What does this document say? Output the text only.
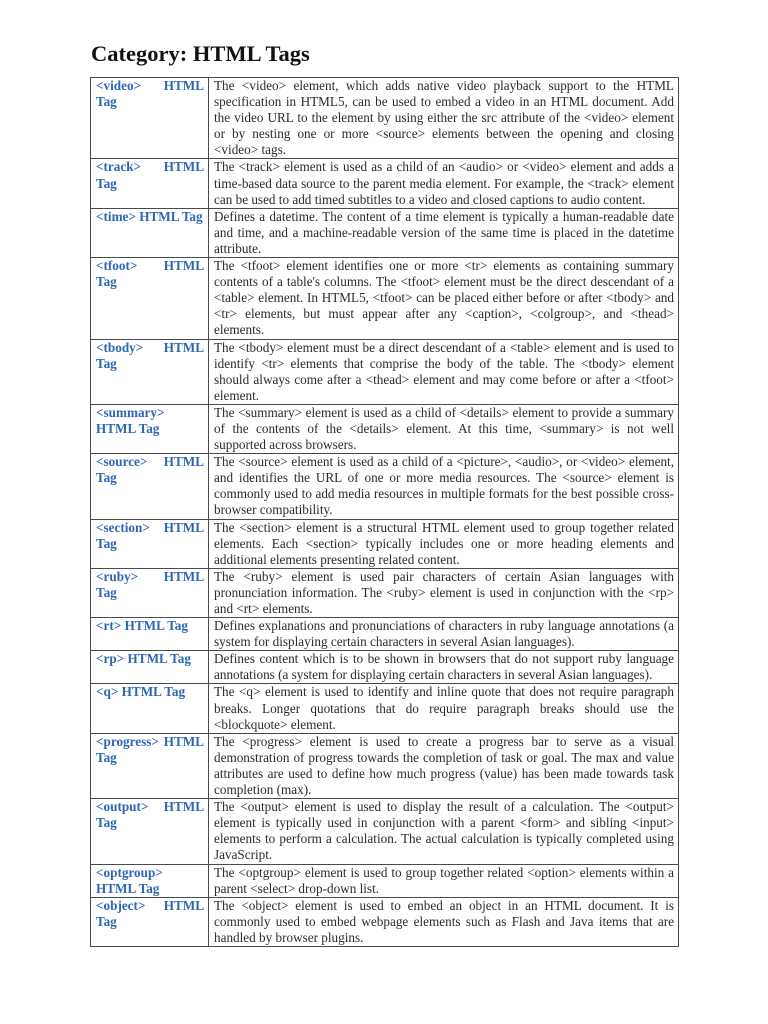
Category: HTML Tags
<video> HTML Tag	The <video> element, which adds native video playback support to the HTML specification in HTML5, can be used to embed a video in an HTML document. Add the video URL to the element by using either the src attribute of the <video> element or by nesting one or more <source> elements between the opening and closing <video> tags.
<track> HTML Tag	The <track> element is used as a child of an <audio> or <video> element and adds a time-based data source to the parent media element. For example, the <track> element can be used to add timed subtitles to a video and closed captions to audio content.
<time> HTML Tag	Defines a datetime. The content of a time element is typically a human-readable date and time, and a machine-readable version of the same time is placed in the datetime attribute.
<tfoot> HTML Tag	The <tfoot> element identifies one or more <tr> elements as containing summary contents of a table's columns. The <tfoot> element must be the direct descendant of a <table> element. In HTML5, <tfoot> can be placed either before or after <tbody> and <tr> elements, but must appear after any <caption>, <colgroup>, and <thead> elements.
<tbody> HTML Tag	The <tbody> element must be a direct descendant of a <table> element and is used to identify <tr> elements that comprise the body of the table. The <tbody> element should always come after a <thead> element and may come before or after a <tfoot> element.
<summary> HTML Tag	The <summary> element is used as a child of <details> element to provide a summary of the contents of the <details> element. At this time, <summary> is not well supported across browsers.
<source> HTML Tag	The <source> element is used as a child of a <picture>, <audio>, or <video> element, and identifies the URL of one or more media resources. The <source> element is commonly used to add media resources in multiple formats for the best possible cross-browser compatibility.
<section> HTML Tag	The <section> element is a structural HTML element used to group together related elements. Each <section> typically includes one or more heading elements and additional elements presenting related content.
<ruby> HTML Tag	The <ruby> element is used pair characters of certain Asian languages with pronunciation information. The <ruby> element is used in conjunction with the <rp> and <rt> elements.
<rt> HTML Tag	Defines explanations and pronunciations of characters in ruby language annotations (a system for displaying certain characters in several Asian languages).
<rp> HTML Tag	Defines content which is to be shown in browsers that do not support ruby language annotations (a system for displaying certain characters in several Asian languages).
<q> HTML Tag	The <q> element is used to identify and inline quote that does not require paragraph breaks. Longer quotations that do require paragraph breaks should use the <blockquote> element.
<progress> HTML Tag	The <progress> element is used to create a progress bar to serve as a visual demonstration of progress towards the completion of task or goal. The max and value attributes are used to define how much progress (value) has been made towards task completion (max).
<output> HTML Tag	The <output> element is used to display the result of a calculation. The <output> element is typically used in conjunction with a parent <form> and sibling <input> elements to perform a calculation. The actual calculation is typically completed using JavaScript.
<optgroup> HTML Tag	The <optgroup> element is used to group together related <option> elements within a parent <select> drop-down list.
<object> HTML Tag	The <object> element is used to embed an object in an HTML document. It is commonly used to embed webpage elements such as Flash and Java items that are handled by browser plugins.
